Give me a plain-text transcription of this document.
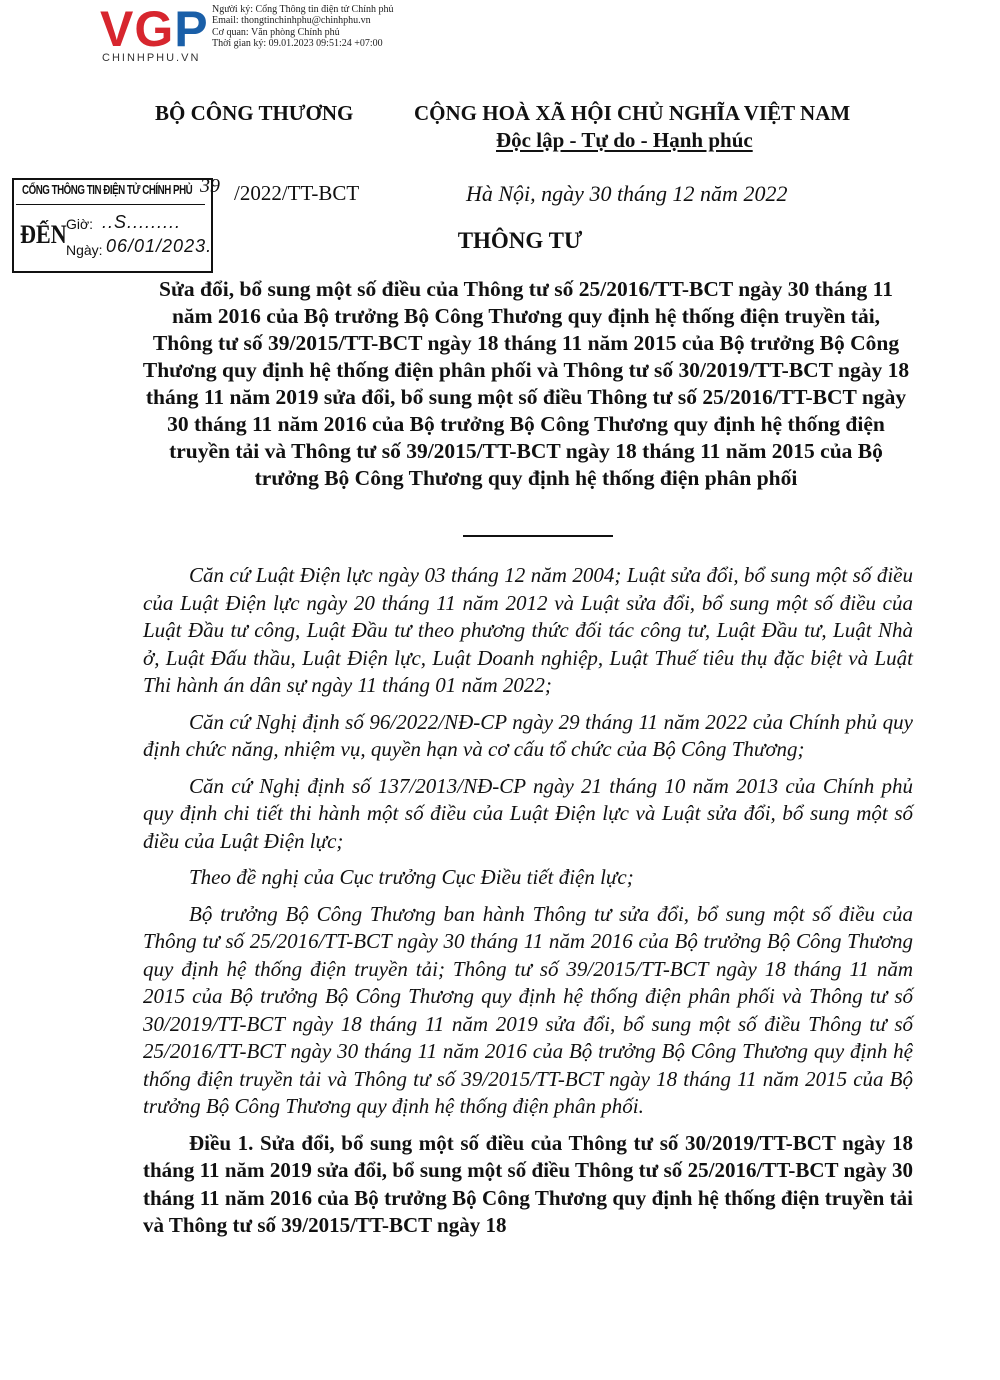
VGP
CHINHPHU.VN
Người ký: Cổng Thông tin điện tử Chính phủ
Email: thongtinchinhphu@chinhphu.vn
Cơ quan: Văn phòng Chính phủ
Thời gian ký: 09.01.2023 09:51:24 +07:00
BỘ CÔNG THƯƠNG	CỘNG HOÀ XÃ HỘI CHỦ NGHĨA VIỆT NAM
Độc lập - Tự do - Hạnh phúc
CỔNG THÔNG TIN ĐIỆN TỬ CHÍNH PHỦ
ĐẾN Giờ: ..S.........
Ngày: 06/01/2023.
39 /2022/TT-BCT	Hà Nội, ngày 30 tháng 12 năm 2022
THÔNG TƯ
Sửa đổi, bổ sung một số điều của Thông tư số 25/2016/TT-BCT ngày 30 tháng 11 năm 2016 của Bộ trưởng Bộ Công Thương quy định hệ thống điện truyền tải, Thông tư số 39/2015/TT-BCT ngày 18 tháng 11 năm 2015 của Bộ trưởng Bộ Công Thương quy định hệ thống điện phân phối và Thông tư số 30/2019/TT-BCT ngày 18 tháng 11 năm 2019 sửa đổi, bổ sung một số điều Thông tư số 25/2016/TT-BCT ngày 30 tháng 11 năm 2016 của Bộ trưởng Bộ Công Thương quy định hệ thống điện truyền tải và Thông tư số 39/2015/TT-BCT ngày 18 tháng 11 năm 2015 của Bộ trưởng Bộ Công Thương quy định hệ thống điện phân phối

Căn cứ Luật Điện lực ngày 03 tháng 12 năm 2004; Luật sửa đổi, bổ sung một số điều của Luật Điện lực ngày 20 tháng 11 năm 2012 và Luật sửa đổi, bổ sung một số điều của Luật Đầu tư công, Luật Đầu tư theo phương thức đối tác công tư, Luật Đầu tư, Luật Nhà ở, Luật Đấu thầu, Luật Điện lực, Luật Doanh nghiệp, Luật Thuế tiêu thụ đặc biệt và Luật Thi hành án dân sự ngày 11 tháng 01 năm 2022;

Căn cứ Nghị định số 96/2022/NĐ-CP ngày 29 tháng 11 năm 2022 của Chính phủ quy định chức năng, nhiệm vụ, quyền hạn và cơ cấu tổ chức của Bộ Công Thương;

Căn cứ Nghị định số 137/2013/NĐ-CP ngày 21 tháng 10 năm 2013 của Chính phủ quy định chi tiết thi hành một số điều của Luật Điện lực và Luật sửa đổi, bổ sung một số điều của Luật Điện lực;

Theo đề nghị của Cục trưởng Cục Điều tiết điện lực;

Bộ trưởng Bộ Công Thương ban hành Thông tư sửa đổi, bổ sung một số điều của Thông tư số 25/2016/TT-BCT ngày 30 tháng 11 năm 2016 của Bộ trưởng Bộ Công Thương quy định hệ thống điện truyền tải; Thông tư số 39/2015/TT-BCT ngày 18 tháng 11 năm 2015 của Bộ trưởng Bộ Công Thương quy định hệ thống điện phân phối và Thông tư số 30/2019/TT-BCT ngày 18 tháng 11 năm 2019 sửa đổi, bổ sung một số điều Thông tư số 25/2016/TT-BCT ngày 30 tháng 11 năm 2016 của Bộ trưởng Bộ Công Thương quy định hệ thống điện truyền tải và Thông tư số 39/2015/TT-BCT ngày 18 tháng 11 năm 2015 của Bộ trưởng Bộ Công Thương quy định hệ thống điện phân phối.

Điều 1. Sửa đổi, bổ sung một số điều của Thông tư số 30/2019/TT-BCT ngày 18 tháng 11 năm 2019 sửa đổi, bổ sung một số điều Thông tư số 25/2016/TT-BCT ngày 30 tháng 11 năm 2016 của Bộ trưởng Bộ Công Thương quy định hệ thống điện truyền tải và Thông tư số 39/2015/TT-BCT ngày 18
